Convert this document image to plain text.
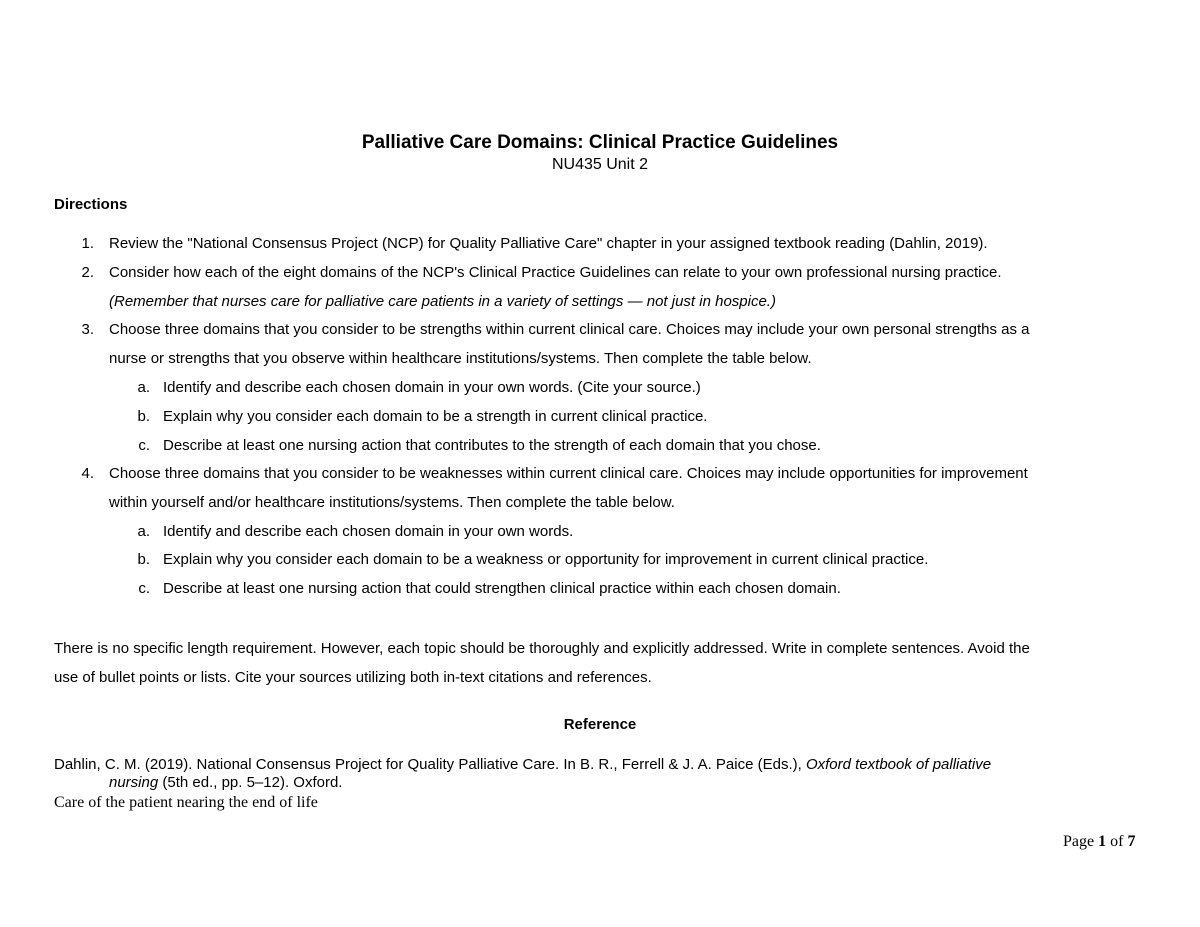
Palliative Care Domains: Clinical Practice Guidelines
NU435 Unit 2
Directions
1. Review the "National Consensus Project (NCP) for Quality Palliative Care" chapter in your assigned textbook reading (Dahlin, 2019).
2. Consider how each of the eight domains of the NCP's Clinical Practice Guidelines can relate to your own professional nursing practice.
(Remember that nurses care for palliative care patients in a variety of settings — not just in hospice.)
3. Choose three domains that you consider to be strengths within current clinical care. Choices may include your own personal strengths as a
nurse or strengths that you observe within healthcare institutions/systems. Then complete the table below.
a. Identify and describe each chosen domain in your own words. (Cite your source.)
b. Explain why you consider each domain to be a strength in current clinical practice.
c. Describe at least one nursing action that contributes to the strength of each domain that you chose.
4. Choose three domains that you consider to be weaknesses within current clinical care. Choices may include opportunities for improvement
within yourself and/or healthcare institutions/systems. Then complete the table below.
a. Identify and describe each chosen domain in your own words.
b. Explain why you consider each domain to be a weakness or opportunity for improvement in current clinical practice.
c. Describe at least one nursing action that could strengthen clinical practice within each chosen domain.
There is no specific length requirement. However, each topic should be thoroughly and explicitly addressed. Write in complete sentences. Avoid the
use of bullet points or lists. Cite your sources utilizing both in-text citations and references.
Reference
Dahlin, C. M. (2019). National Consensus Project for Quality Palliative Care. In B. R., Ferrell & J. A. Paice (Eds.), Oxford textbook of palliative
nursing (5th ed., pp. 5–12). Oxford.
Care of the patient nearing the end of life
Page 1 of 7
